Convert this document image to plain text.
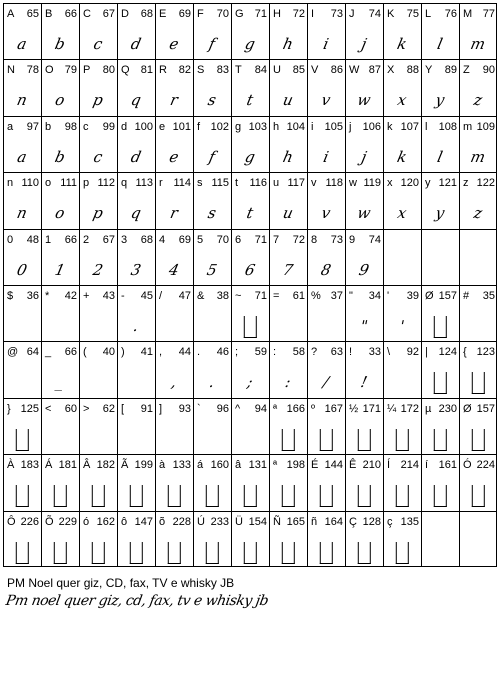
A 65
a
B 66
b
C 67
c
D 68
d
E 69
e
F 70
f
G 71
g
H 72
h
I 73
i
J 74
j
K 75
k
L 76
l
M 77
m
N 78
n
O 79
o
P 80
p
Q 81
q
R 82
r
S 83
s
T 84
t
U 85
u
V 86
v
W 87
w
X 88
x
Y 89
y
Z 90
z
a 97
a
b 98
b
c 99
c
d 100
d
e 101
e
f 102
f
g 103
g
h 104
h
i 105
i
j 106
j
k 107
k
l 108
l
m 109
m
n 110
n
o 111
o
p 112
p
q 113
q
r 114
r
s 115
s
t 116
t
u 117
u
v 118
v
w 119
w
x 120
x
y 121
y
z 122
z
0 48
0
1 66
1
2 67
2
3 68
3
4 69
4
5 70
5
6 71
6
7 72
7
8 73
8
9 74
9
$ 36 * 42 + 43 - 45
.
/ 47 & 38 ~ 71 = 61 % 37 " 34
"
' 39
'
Ø 157 # 35
@ 64 _ 66
_
( 40 ) 41 , 44
,
. 46
.
; 59
;
: 58
:
? 63
/
! 33
!
\ 92 | 124 { 123
} 125 < 60 > 62 [ 91 ] 93 ` 96 ^ 94 ª 166 º 167 ½ 171 ¼ 172 µ 230 Ø 157
À 183 Á 181 Â 182 Ã 199 à 133 á 160 â 131 ª 198 É 144 Ê 210 Í 214 í 161 Ó 224
Ô 226 Õ 229 ó 162 ô 147 õ 228 Ú 233 Ü 154 Ñ 165 ñ 164 Ç 128 ç 135
PM Noel quer giz, CD, fax, TV e whisky JB
Pm noel quer giz, cd, fax, tv e whisky jb
